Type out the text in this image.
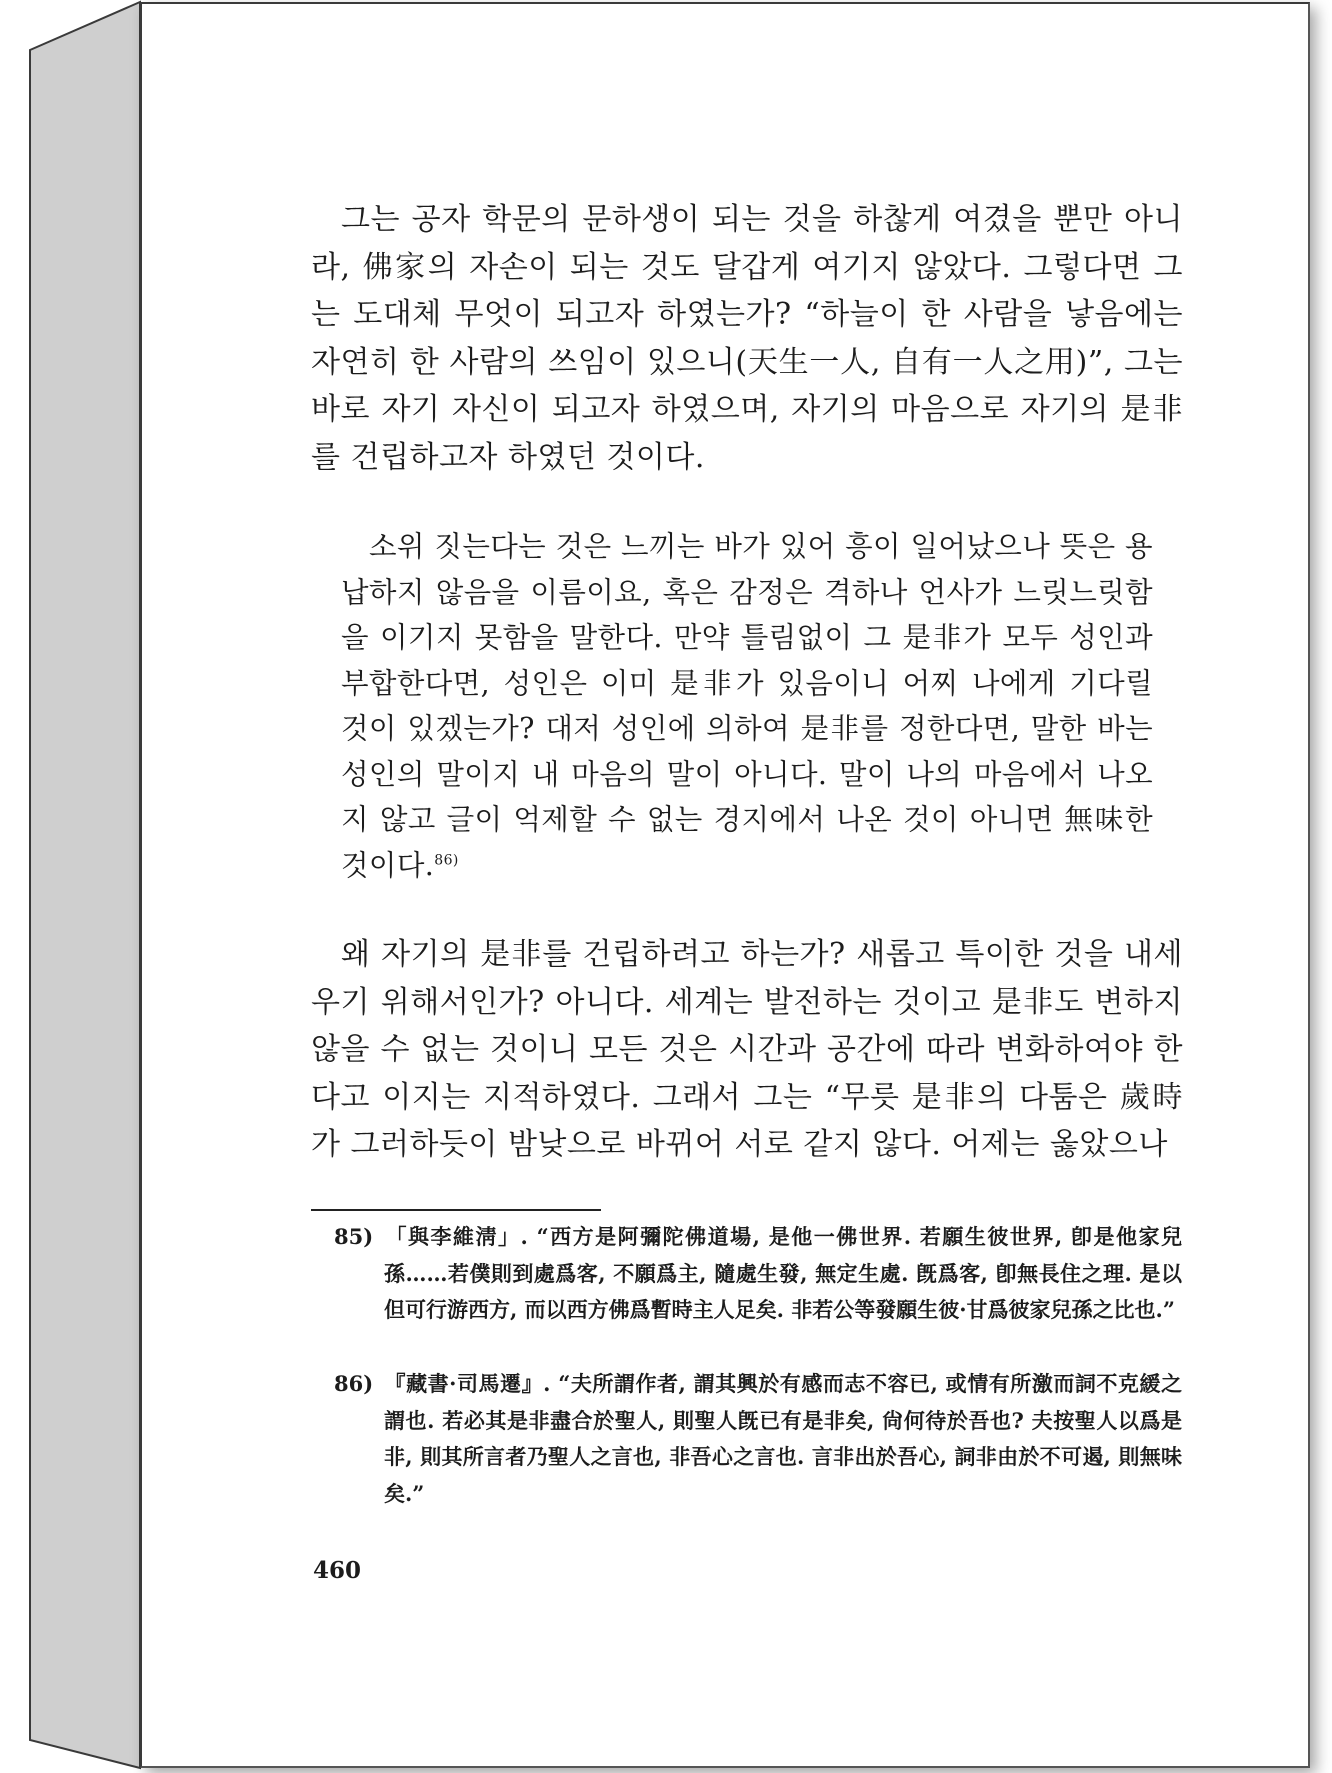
그는 공자 학문의 문하생이 되는 것을 하찮게 여겼을 뿐만 아니라, 佛家의 자손이 되는 것도 달갑게 여기지 않았다. 그렇다면 그는 도대체 무엇이 되고자 하였는가? “하늘이 한 사람을 낳음에는 자연히 한 사람의 쓰임이 있으니(天生一人, 自有一人之用)”, 그는 바로 자기 자신이 되고자 하였으며, 자기의 마음으로 자기의 是非를 건립하고자 하였던 것이다.

소위 짓는다는 것은 느끼는 바가 있어 흥이 일어났으나 뜻은 용납하지 않음을 이름이요, 혹은 감정은 격하나 언사가 느릿느릿함을 이기지 못함을 말한다. 만약 틀림없이 그 是非가 모두 성인과 부합한다면, 성인은 이미 是非가 있음이니 어찌 나에게 기다릴 것이 있겠는가? 대저 성인에 의하여 是非를 정한다면, 말한 바는 성인의 말이지 내 마음의 말이 아니다. 말이 나의 마음에서 나오지 않고 글이 억제할 수 없는 경지에서 나온 것이 아니면 無味한 것이다.$^{86)}$

왜 자기의 是非를 건립하려고 하는가? 새롭고 특이한 것을 내세우기 위해서인가? 아니다. 세계는 발전하는 것이고 是非도 변하지 않을 수 없는 것이니 모든 것은 시간과 공간에 따라 변화하여야 한다고 이지는 지적하였다. 그래서 그는 “무릇 是非의 다툼은 歲時가 그러하듯이 밤낮으로 바뀌어 서로 같지 않다. 어제는 옳았으나

85) 「與李維淸」. “西方是阿彌陀佛道場, 是他一佛世界. 若願生彼世界, 卽是他家兒孫……若僕則到處爲客, 不願爲主, 隨處生發, 無定生處. 旣爲客, 卽無長住之理. 是以但可行游西方, 而以西方佛爲暫時主人足矣. 非若公等發願生彼·甘爲彼家兒孫之比也.”
86) 『藏書·司馬遷』. “夫所謂作者, 謂其興於有感而志不容已, 或情有所激而詞不克緩之謂也. 若必其是非盡合於聖人, 則聖人旣已有是非矣, 尙何待於吾也? 夫按聖人以爲是非, 則其所言者乃聖人之言也, 非吾心之言也. 言非出於吾心, 詞非由於不可遏, 則無味矣.”
460
